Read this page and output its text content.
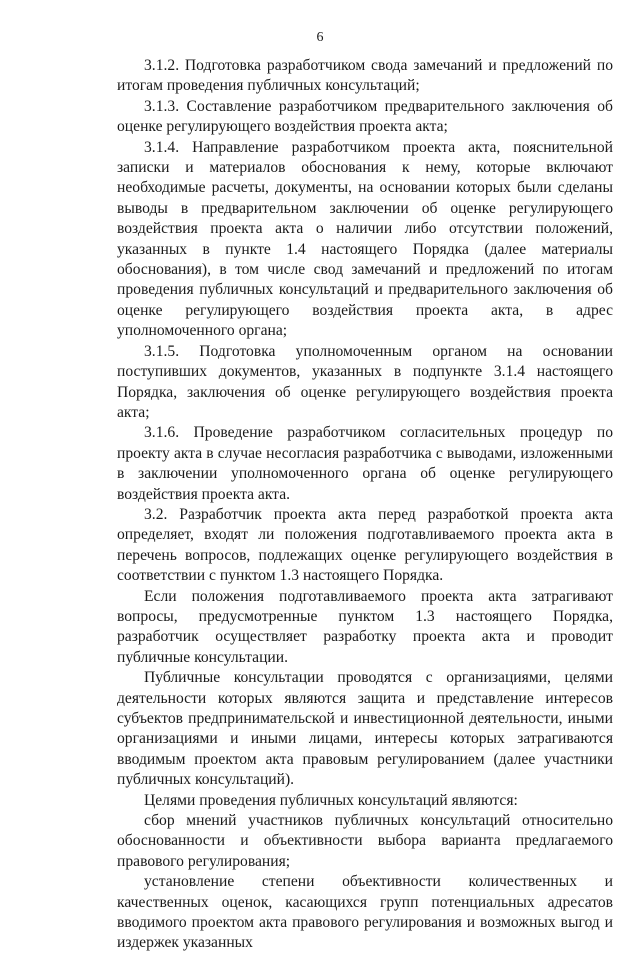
6

3.1.2. Подготовка разработчиком свода замечаний и предложений по итогам проведения публичных консультаций;

3.1.3. Составление разработчиком предварительного заключения об оценке регулирующего воздействия проекта акта;

3.1.4. Направление разработчиком проекта акта, пояснительной записки и материалов обоснования к нему, которые включают необходимые расчеты, документы, на основании которых были сделаны выводы в предварительном заключении об оценке регулирующего воздействия проекта акта о наличии либо отсутствии положений, указанных в пункте 1.4 настоящего Порядка (далее материалы обоснования), в том числе свод замечаний и предложений по итогам проведения публичных консультаций и предварительного заключения об оценке регулирующего воздействия проекта акта, в адрес уполномоченного органа;

3.1.5. Подготовка уполномоченным органом на основании поступивших документов, указанных в подпункте 3.1.4 настоящего Порядка, заключения об оценке регулирующего воздействия проекта акта;

3.1.6. Проведение разработчиком согласительных процедур по проекту акта в случае несогласия разработчика с выводами, изложенными в заключении уполномоченного органа об оценке регулирующего воздействия проекта акта.

3.2. Разработчик проекта акта перед разработкой проекта акта определяет, входят ли положения подготавливаемого проекта акта в перечень вопросов, подлежащих оценке регулирующего воздействия в соответствии с пунктом 1.3 настоящего Порядка.

Если положения подготавливаемого проекта акта затрагивают вопросы, предусмотренные пунктом 1.3 настоящего Порядка, разработчик осуществляет разработку проекта акта и проводит публичные консультации.

Публичные консультации проводятся с организациями, целями деятельности которых являются защита и представление интересов субъектов предпринимательской и инвестиционной деятельности, иными организациями и иными лицами, интересы которых затрагиваются вводимым проектом акта правовым регулированием (далее участники публичных консультаций).

Целями проведения публичных консультаций являются:

сбор мнений участников публичных консультаций относительно обоснованности и объективности выбора варианта предлагаемого правового регулирования;

установление степени объективности количественных и качественных оценок, касающихся групп потенциальных адресатов вводимого проектом акта правового регулирования и возможных выгод и издержек указанных
